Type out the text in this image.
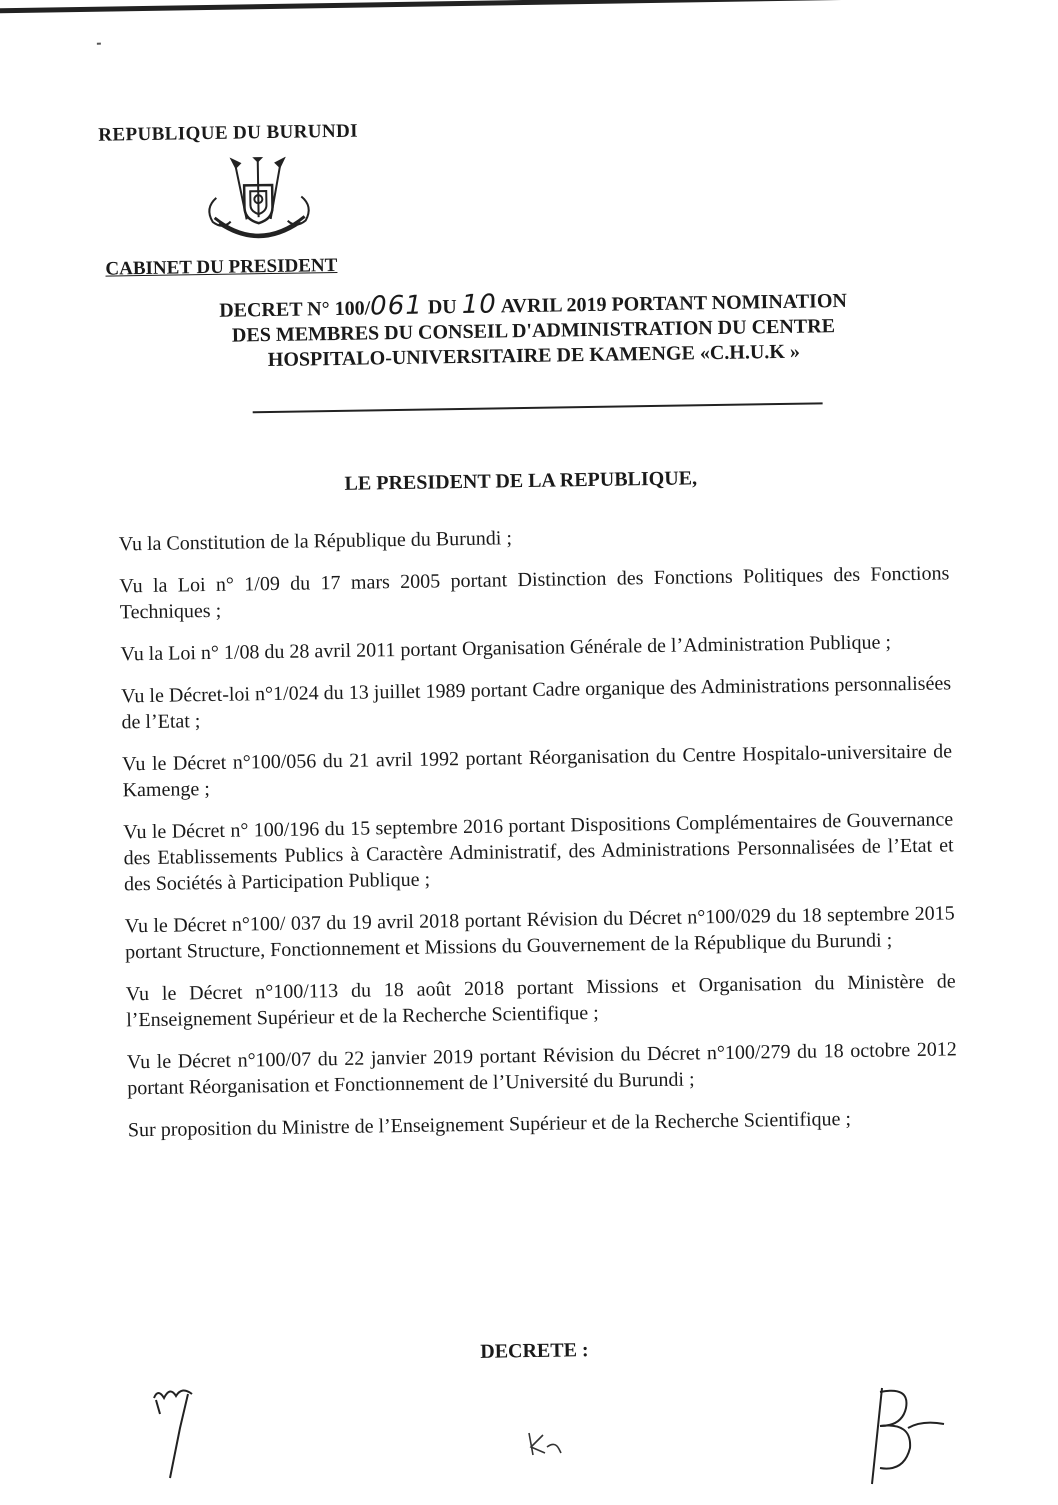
REPUBLIQUE DU BURUNDI
CABINET DU PRESIDENT
DECRET N° 100/061 DU 10 AVRIL 2019 PORTANT NOMINATION
DES MEMBRES DU CONSEIL D'ADMINISTRATION DU CENTRE
HOSPITALO-UNIVERSITAIRE DE KAMENGE «C.H.U.K »
LE PRESIDENT DE LA REPUBLIQUE,

Vu la Constitution de la République du Burundi ;

Vu la Loi n° 1/09 du 17 mars 2005 portant Distinction des Fonctions Politiques des Fonctions Techniques ;

Vu la Loi n° 1/08 du 28 avril 2011 portant Organisation Générale de l’Administration Publique ;

Vu le Décret-loi n°1/024 du 13 juillet 1989 portant Cadre organique des Administrations personnalisées de l’Etat ;

Vu le Décret n°100/056 du 21 avril 1992 portant Réorganisation du Centre Hospitalo-universitaire de Kamenge ;

Vu le Décret n° 100/196 du 15 septembre 2016 portant Dispositions Complémentaires de Gouvernance des Etablissements Publics à Caractère Administratif, des Administrations Personnalisées de l’Etat et des Sociétés à Participation Publique ;

Vu le Décret n°100/ 037 du 19 avril 2018 portant Révision du Décret n°100/029 du 18 septembre 2015 portant Structure, Fonctionnement et Missions du Gouvernement de la République du Burundi ;

Vu le Décret n°100/113 du 18 août 2018 portant Missions et Organisation du Ministère de l’Enseignement Supérieur et de la Recherche Scientifique ;

Vu le Décret n°100/07 du 22 janvier 2019 portant Révision du Décret n°100/279 du 18 octobre 2012 portant Réorganisation et Fonctionnement de l’Université du Burundi ;

Sur proposition du Ministre de l’Enseignement Supérieur et de la Recherche Scientifique ;

DECRETE :
